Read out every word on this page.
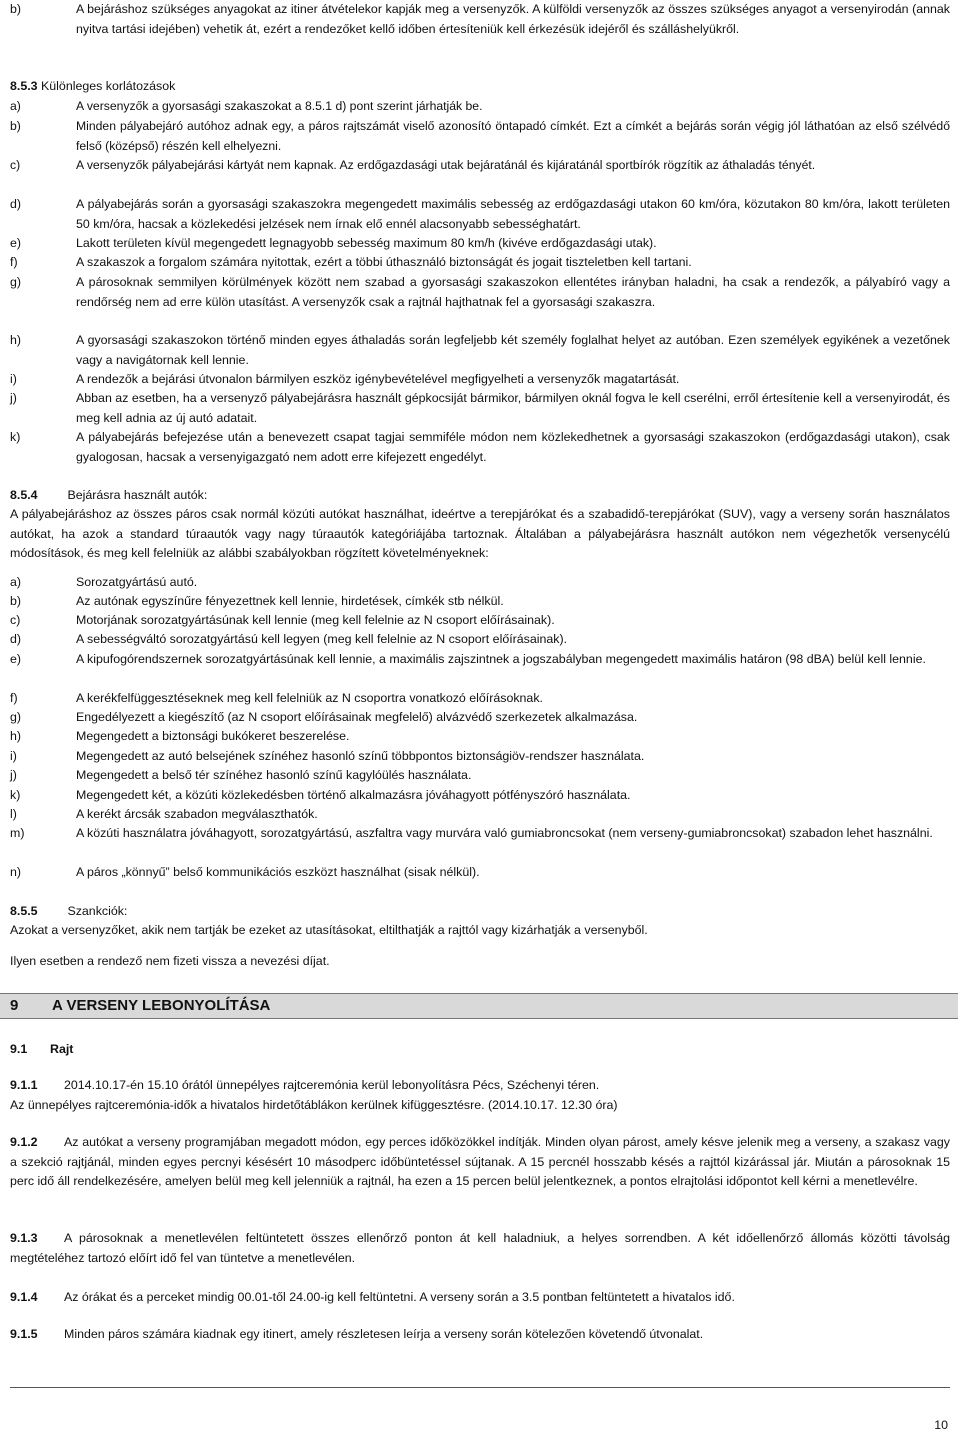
b)	A bejáráshoz szükséges anyagokat az itiner átvételekor kapják meg a versenyzők. A külföldi versenyzők az összes szükséges anyagot a versenyirodán (annak nyitva tartási idejében) vehetik át, ezért a rendezőket kellő időben értesíteniük kell érkezésük idejéről és szálláshelyükről.
8.5.3 Különleges korlátozások
a)	A versenyzők a gyorsasági szakaszokat a 8.5.1 d) pont szerint járhatják be.
b)	Minden pályabejáró autóhoz adnak egy, a páros rajtszámát viselő azonosító öntapadó címkét. Ezt a címkét a bejárás során végig jól láthatóan az első szélvédő felső (középső) részén kell elhelyezni.
c)	A versenyzők pályabejárási kártyát nem kapnak. Az erdőgazdasági utak bejáratánál és kijáratánál sportbírók rögzítik az áthaladás tényét.
d)	A pályabejárás során a gyorsasági szakaszokra megengedett maximális sebesség az erdőgazdasági utakon 60 km/óra, közutakon 80 km/óra, lakott területen 50 km/óra, hacsak a közlekedési jelzések nem írnak elő ennél alacsonyabb sebességhatárt.
e)	Lakott területen kívül megengedett legnagyobb sebesség maximum 80 km/h (kivéve erdőgazdasági utak).
f)	A szakaszok a forgalom számára nyitottak, ezért a többi úthasználó biztonságát és jogait tiszteletben kell tartani.
g)	A párosoknak semmilyen körülmények között nem szabad a gyorsasági szakaszokon ellentétes irányban haladni, ha csak a rendezők, a pályabíró vagy a rendőrség nem ad erre külön utasítást. A versenyzők csak a rajtnál hajthatnak fel a gyorsasági szakaszra.
h)	A gyorsasági szakaszokon történő minden egyes áthaladás során legfeljebb két személy foglalhat helyet az autóban. Ezen személyek egyikének a vezetőnek vagy a navigátornak kell lennie.
i)	A rendezők a bejárási útvonalon bármilyen eszköz igénybevételével megfigyelheti a versenyzők magatartását.
j)	Abban az esetben, ha a versenyző pályabejárásra használt gépkocsiját bármikor, bármilyen oknál fogva le kell cserélni, erről értesítenie kell a versenyirodát, és meg kell adnia az új autó adatait.
k)	A pályabejárás befejezése után a benevezett csapat tagjai semmiféle módon nem közlekedhetnek a gyorsasági szakaszokon (erdőgazdasági utakon), csak gyalogosan, hacsak a versenyigazgató nem adott erre kifejezett engedélyt.
8.5.4 Bejárásra használt autók:
A pályabejáráshoz az összes páros csak normál közúti autókat használhat, ideértve a terepjárókat és a szabadidő-terepjárókat (SUV), vagy a verseny során használatos autókat, ha azok a standard túraautók vagy nagy túraautók kategóriájába tartoznak. Általában a pályabejárásra használt autókon nem végezhetők versenycélú módosítások, és meg kell felelniük az alábbi szabályokban rögzített követelményeknek:
a)	Sorozatgyártású autó.
b)	Az autónak egyszínűre fényezettnek kell lennie, hirdetések, címkék stb nélkül.
c)	Motorjának sorozatgyártásúnak kell lennie (meg kell felelnie az N csoport előírásainak).
d)	A sebességváltó sorozatgyártású kell legyen (meg kell felelnie az N csoport előírásainak).
e)	A kipufogórendszernek sorozatgyártásúnak kell lennie, a maximális zajszintnek a jogszabályban megengedett maximális határon (98 dBA) belül kell lennie.
f)	A kerékfelfüggesztéseknek meg kell felelniük az N csoportra vonatkozó előírásoknak.
g)	Engedélyezett a kiegészítő (az N csoport előírásainak megfelelő) alvázvédő szerkezetek alkalmazása.
h)	Megengedett a biztonsági bukókeret beszerelése.
i)	Megengedett az autó belsejének színéhez hasonló színű többpontos biztonságiöv-rendszer használata.
j)	Megengedett a belső tér színéhez hasonló színű kagylóülés használata.
k)	Megengedett két, a közúti közlekedésben történő alkalmazásra jóváhagyott pótfényszóró használata.
l)	A kerékt árcsák szabadon megválaszthatók.
m)	A közúti használatra jóváhagyott, sorozatgyártású, aszfaltra vagy murvára való gumiabroncsokat (nem verseny-gumiabroncsokat) szabadon lehet használni.
n)	A páros „könnyű” belső kommunikációs eszközt használhat (sisak nélkül).
8.5.5 Szankciók:
Azokat a versenyzőket, akik nem tartják be ezeket az utasításokat, eltilthatják a rajttól vagy kizárhatják a versenyből.
Ilyen esetben a rendező nem fizeti vissza a nevezési díjat.
9 A VERSENY LEBONYOLÍTÁSA
9.1 Rajt
9.1.1 2014.10.17-én 15.10 órától ünnepélyes rajtceremónia kerül lebonyolításra Pécs, Széchenyi téren.
Az ünnepélyes rajtceremónia-idők a hivatalos hirdetőtáblákon kerülnek kifüggesztésre. (2014.10.17. 12.30 óra)
9.1.2 Az autókat a verseny programjában megadott módon, egy perces időközökkel indítják. Minden olyan párost, amely késve jelenik meg a verseny, a szakasz vagy a szekció rajtjánál, minden egyes percnyi késésért 10 másodperc időbüntetéssel sújtanak. A 15 percnél hosszabb késés a rajttól kizárással jár. Miután a párosoknak 15 perc idő áll rendelkezésére, amelyen belül meg kell jelenniük a rajtnál, ha ezen a 15 percen belül jelentkeznek, a pontos elrajtolási időpontot kell kérni a menetlevélre.
9.1.3 A párosoknak a menetlevélen feltüntetett összes ellenőrző ponton át kell haladniuk, a helyes sorrendben. A két időellenőrző állomás közötti távolság megtételéhez tartozó előírt idő fel van tüntetve a menetlevélen.
9.1.4 Az órákat és a perceket mindig 00.01-től 24.00-ig kell feltüntetni. A verseny során a 3.5 pontban feltüntetett a hivatalos idő.
9.1.5 Minden páros számára kiadnak egy itinert, amely részletesen leírja a verseny során kötelezően követendő útvonalat.
10
